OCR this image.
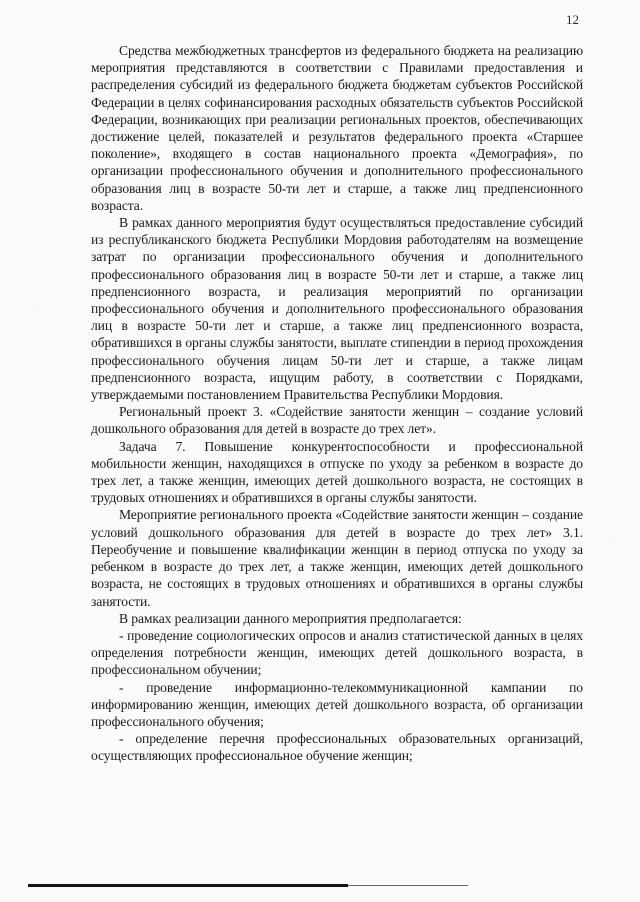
12

Средства межбюджетных трансфертов из федерального бюджета на реализацию мероприятия представляются в соответствии с Правилами предоставления и распределения субсидий из федерального бюджета бюджетам субъектов Российской Федерации в целях софинансирования расходных обязательств субъектов Российской Федерации, возникающих при реализации региональных проектов, обеспечивающих достижение целей, показателей и результатов федерального проекта «Старшее поколение», входящего в состав национального проекта «Демография», по организации профессионального обучения и дополнительного профессионального образования лиц в возрасте 50-ти лет и старше, а также лиц предпенсионного возраста.

В рамках данного мероприятия будут осуществляться предоставление субсидий из республиканского бюджета Республики Мордовия работодателям на возмещение затрат по организации профессионального обучения и дополнительного профессионального образования лиц в возрасте 50-ти лет и старше, а также лиц предпенсионного возраста, и реализация мероприятий по организации профессионального обучения и дополнительного профессионального образования лиц в возрасте 50-ти лет и старше, а также лиц предпенсионного возраста, обратившихся в органы службы занятости, выплате стипендии в период прохождения профессионального обучения лицам 50-ти лет и старше, а также лицам предпенсионного возраста, ищущим работу, в соответствии с Порядками, утверждаемыми постановлением Правительства Республики Мордовия.

Региональный проект 3. «Содействие занятости женщин – создание условий дошкольного образования для детей в возрасте до трех лет».

Задача 7. Повышение конкурентоспособности и профессиональной мобильности женщин, находящихся в отпуске по уходу за ребенком в возрасте до трех лет, а также женщин, имеющих детей дошкольного возраста, не состоящих в трудовых отношениях и обратившихся в органы службы занятости.

Мероприятие регионального проекта «Содействие занятости женщин – создание условий дошкольного образования для детей в возрасте до трех лет» 3.1. Переобучение и повышение квалификации женщин в период отпуска по уходу за ребенком в возрасте до трех лет, а также женщин, имеющих детей дошкольного возраста, не состоящих в трудовых отношениях и обратившихся в органы службы занятости.

В рамках реализации данного мероприятия предполагается:

- проведение социологических опросов и анализ статистической данных в целях определения потребности женщин, имеющих детей дошкольного возраста, в профессиональном обучении;

- проведение информационно-телекоммуникационной кампании по информированию женщин, имеющих детей дошкольного возраста, об организации профессионального обучения;

- определение перечня профессиональных образовательных организаций, осуществляющих профессиональное обучение женщин;
